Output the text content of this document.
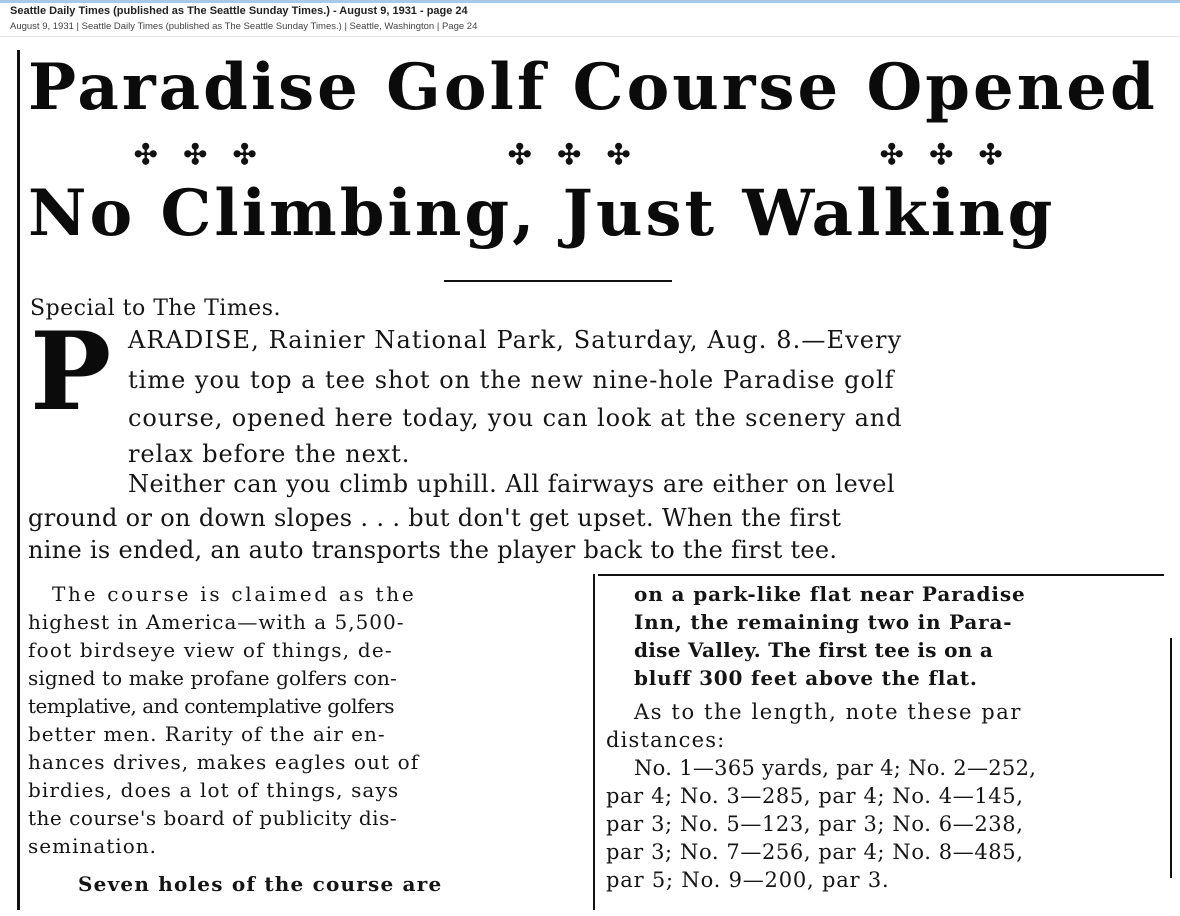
Seattle Daily Times (published as The Seattle Sunday Times.) - August 9, 1931 - page 24
August 9, 1931 | Seattle Daily Times (published as The Seattle Sunday Times.) | Seattle, Washington | Page 24
Paradise Golf Course Opened
✣✣✣	✣✣✣	✣✣✣
No Climbing, Just Walking
Special to The Times.
P ARADISE, Rainier National Park, Saturday, Aug. 8.—Every
time you top a tee shot on the new nine-hole Paradise golf
course, opened here today, you can look at the scenery and
relax before the next.
Neither can you climb uphill. All fairways are either on level
ground or on down slopes . . . but don't get upset. When the first
nine is ended, an auto transports the player back to the first tee.
The course is claimed as the
highest in America—with a 5,500-
foot birdseye view of things, de-
signed to make profane golfers con-
templative, and contemplative golfers
better men. Rarity of the air en-
hances drives, makes eagles out of
birdies, does a lot of things, says
the course's board of publicity dis-
semination.
Seven holes of the course are
on a park-like flat near Paradise
Inn, the remaining two in Para-
dise Valley. The first tee is on a
bluff 300 feet above the flat.
As to the length, note these par
distances:
No. 1—365 yards, par 4; No. 2—252,
par 4; No. 3—285, par 4; No. 4—145,
par 3; No. 5—123, par 3; No. 6—238,
par 3; No. 7—256, par 4; No. 8—485,
par 5; No. 9—200, par 3.
